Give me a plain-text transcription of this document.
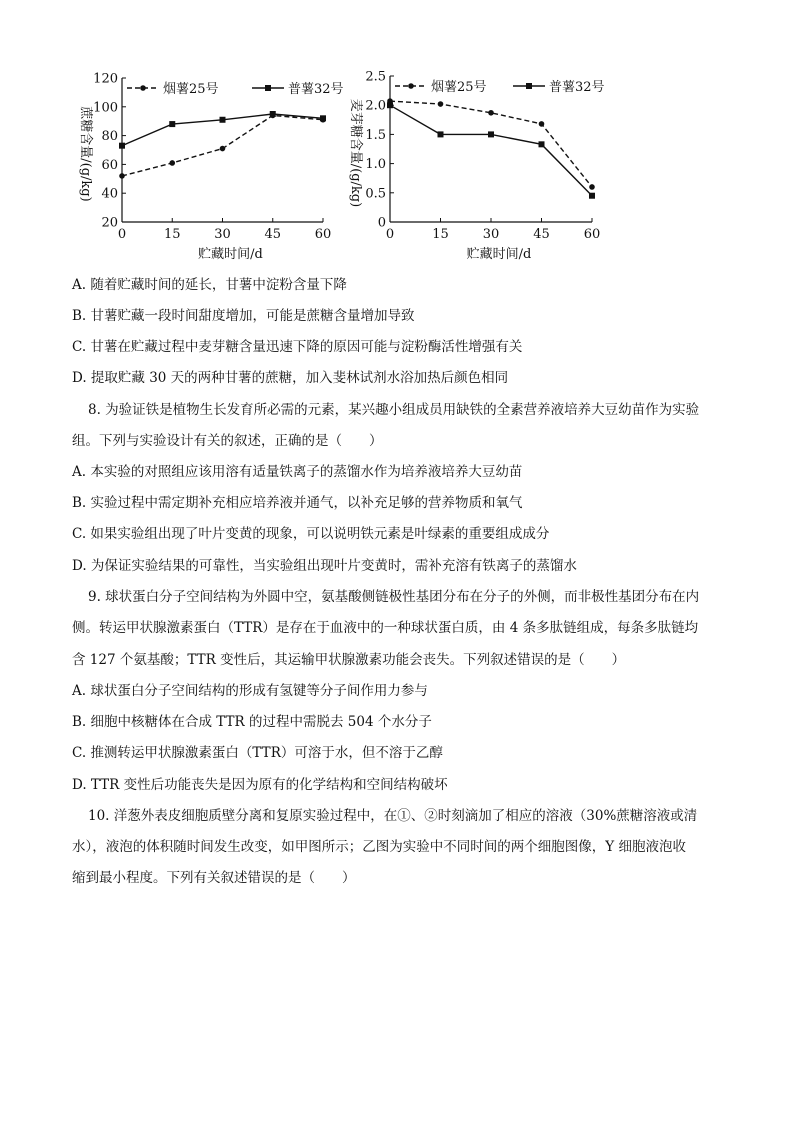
20
40
60
80
100
120
0	15	30	45	60
贮藏时间/d
蔗糖含量/(g/kg)
烟薯25号	普薯32号
0
0.5
1.0
1.5
2.0
2.5
0	15	30	45	60
贮藏时间/d
麦芽糖含量/(g/kg)
烟薯25号	普薯32号
A. 随着贮藏时间的延长，甘薯中淀粉含量下降
B. 甘薯贮藏一段时间甜度增加，可能是蔗糖含量增加导致
C. 甘薯在贮藏过程中麦芽糖含量迅速下降的原因可能与淀粉酶活性增强有关
D. 提取贮藏 30 天的两种甘薯的蔗糖，加入斐林试剂水浴加热后颜色相同
8. 为验证铁是植物生长发育所必需的元素，某兴趣小组成员用缺铁的全素营养液培养大豆幼苗作为实验
组。下列与实验设计有关的叙述，正确的是（　　）
A. 本实验的对照组应该用溶有适量铁离子的蒸馏水作为培养液培养大豆幼苗
B. 实验过程中需定期补充相应培养液并通气，以补充足够的营养物质和氧气
C. 如果实验组出现了叶片变黄的现象，可以说明铁元素是叶绿素的重要组成成分
D. 为保证实验结果的可靠性，当实验组出现叶片变黄时，需补充溶有铁离子的蒸馏水
9. 球状蛋白分子空间结构为外圆中空，氨基酸侧链极性基团分布在分子的外侧，而非极性基团分布在内
侧。转运甲状腺激素蛋白（TTR）是存在于血液中的一种球状蛋白质，由 4 条多肽链组成，每条多肽链均
含 127 个氨基酸；TTR 变性后，其运输甲状腺激素功能会丧失。下列叙述错误的是（　　）
A. 球状蛋白分子空间结构的形成有氢键等分子间作用力参与
B. 细胞中核糖体在合成 TTR 的过程中需脱去 504 个水分子
C. 推测转运甲状腺激素蛋白（TTR）可溶于水，但不溶于乙醇
D. TTR 变性后功能丧失是因为原有的化学结构和空间结构破坏
10. 洋葱外表皮细胞质壁分离和复原实验过程中，在①、②时刻滴加了相应的溶液（30%蔗糖溶液或清
水），液泡的体积随时间发生改变，如甲图所示；乙图为实验中不同时间的两个细胞图像，Y 细胞液泡收
缩到最小程度。下列有关叙述错误的是（　　）
